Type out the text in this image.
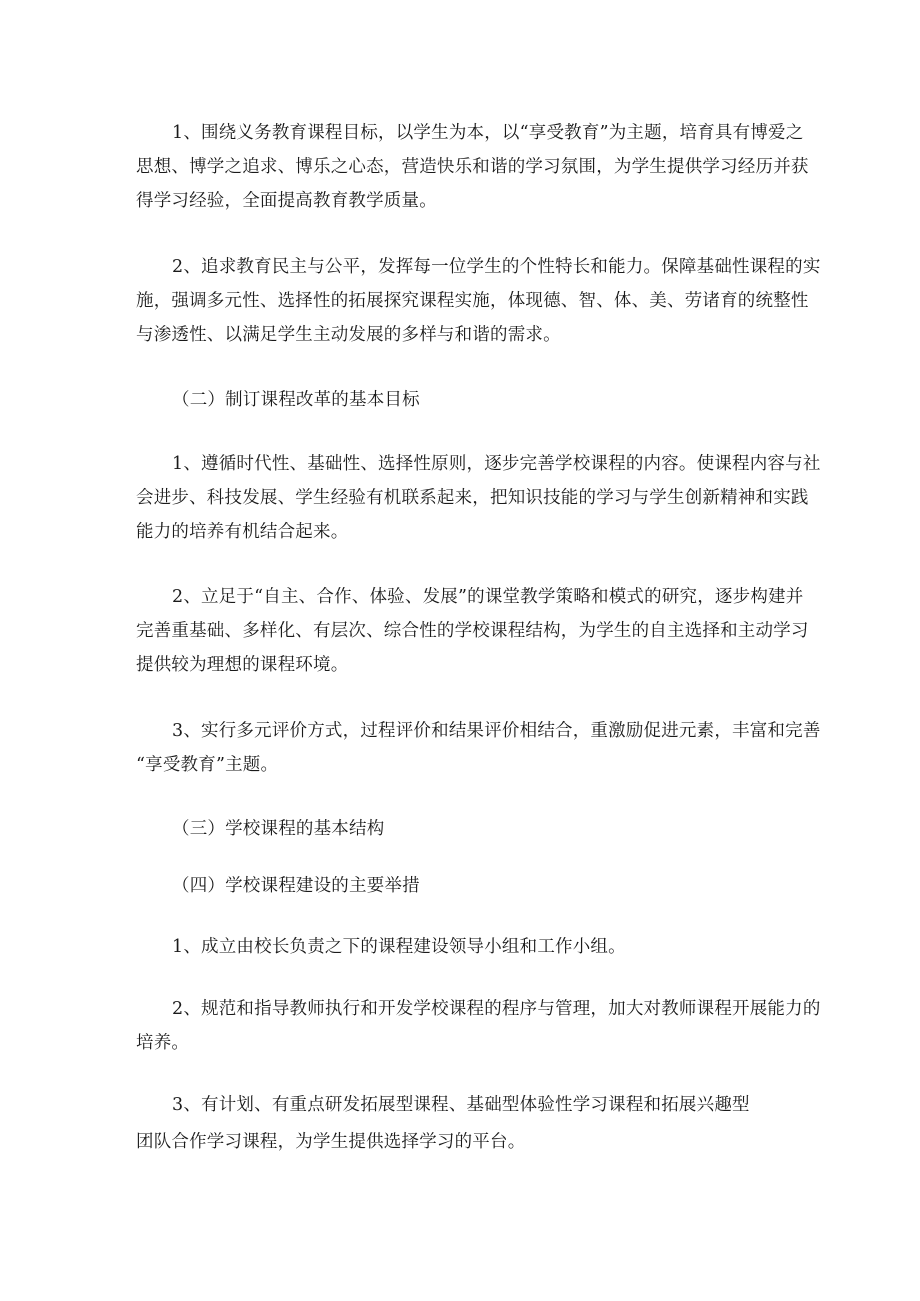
1、围绕义务教育课程目标，以学生为本，以“享受教育”为主题，培育具有博爱之
思想、博学之追求、博乐之心态，营造快乐和谐的学习氛围，为学生提供学习经历并获
得学习经验，全面提高教育教学质量。

2、追求教育民主与公平，发挥每一位学生的个性特长和能力。保障基础性课程的实
施，强调多元性、选择性的拓展探究课程实施，体现德、智、体、美、劳诸育的统整性
与渗透性、以满足学生主动发展的多样与和谐的需求。

（二）制订课程改革的基本目标

1、遵循时代性、基础性、选择性原则，逐步完善学校课程的内容。使课程内容与社
会进步、科技发展、学生经验有机联系起来，把知识技能的学习与学生创新精神和实践
能力的培养有机结合起来。

2、立足于“自主、合作、体验、发展”的课堂教学策略和模式的研究，逐步构建并
完善重基础、多样化、有层次、综合性的学校课程结构，为学生的自主选择和主动学习
提供较为理想的课程环境。

3、实行多元评价方式，过程评价和结果评价相结合，重激励促进元素，丰富和完善
“享受教育”主题。

（三）学校课程的基本结构

（四）学校课程建设的主要举措

1、成立由校长负责之下的课程建设领导小组和工作小组。

2、规范和指导教师执行和开发学校课程的程序与管理，加大对教师课程开展能力的
培养。

3、有计划、有重点研发拓展型课程、基础型体验性学习课程和拓展兴趣型
团队合作学习课程，为学生提供选择学习的平台。
